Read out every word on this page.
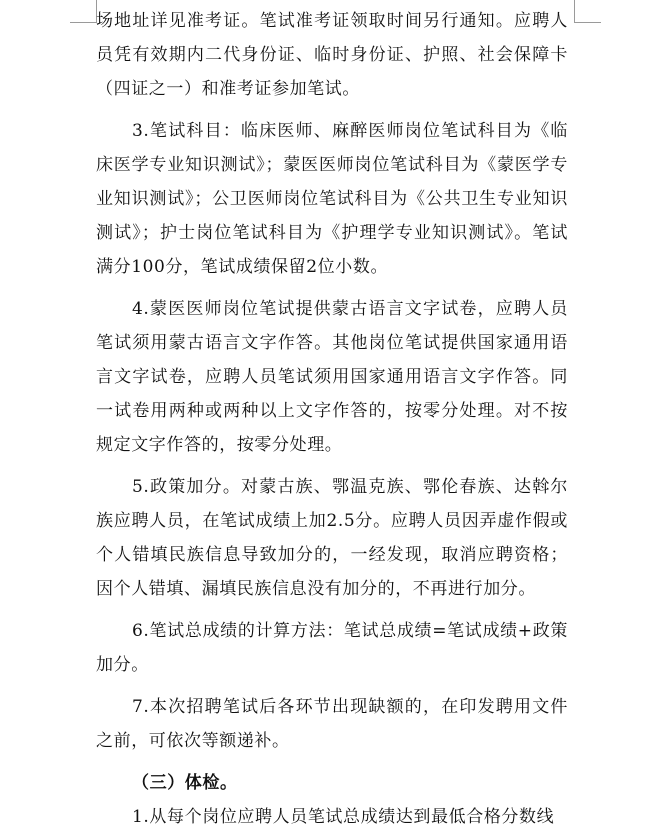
场地址详见准考证。笔试准考证领取时间另行通知。应聘人员凭有效期内二代身份证、临时身份证、护照、社会保障卡（四证之一）和准考证参加笔试。

3.笔试科目：临床医师、麻醉医师岗位笔试科目为《临床医学专业知识测试》；蒙医医师岗位笔试科目为《蒙医学专业知识测试》；公卫医师岗位笔试科目为《公共卫生专业知识测试》；护士岗位笔试科目为《护理学专业知识测试》。笔试满分100分，笔试成绩保留2位小数。

4.蒙医医师岗位笔试提供蒙古语言文字试卷，应聘人员笔试须用蒙古语言文字作答。其他岗位笔试提供国家通用语言文字试卷，应聘人员笔试须用国家通用语言文字作答。同一试卷用两种或两种以上文字作答的，按零分处理。对不按规定文字作答的，按零分处理。

5.政策加分。对蒙古族、鄂温克族、鄂伦春族、达斡尔族应聘人员，在笔试成绩上加2.5分。应聘人员因弄虚作假或个人错填民族信息导致加分的，一经发现，取消应聘资格；因个人错填、漏填民族信息没有加分的，不再进行加分。

6.笔试总成绩的计算方法：笔试总成绩=笔试成绩+政策加分。

7.本次招聘笔试后各环节出现缺额的，在印发聘用文件之前，可依次等额递补。

（三）体检。

1.从每个岗位应聘人员笔试总成绩达到最低合格分数线
